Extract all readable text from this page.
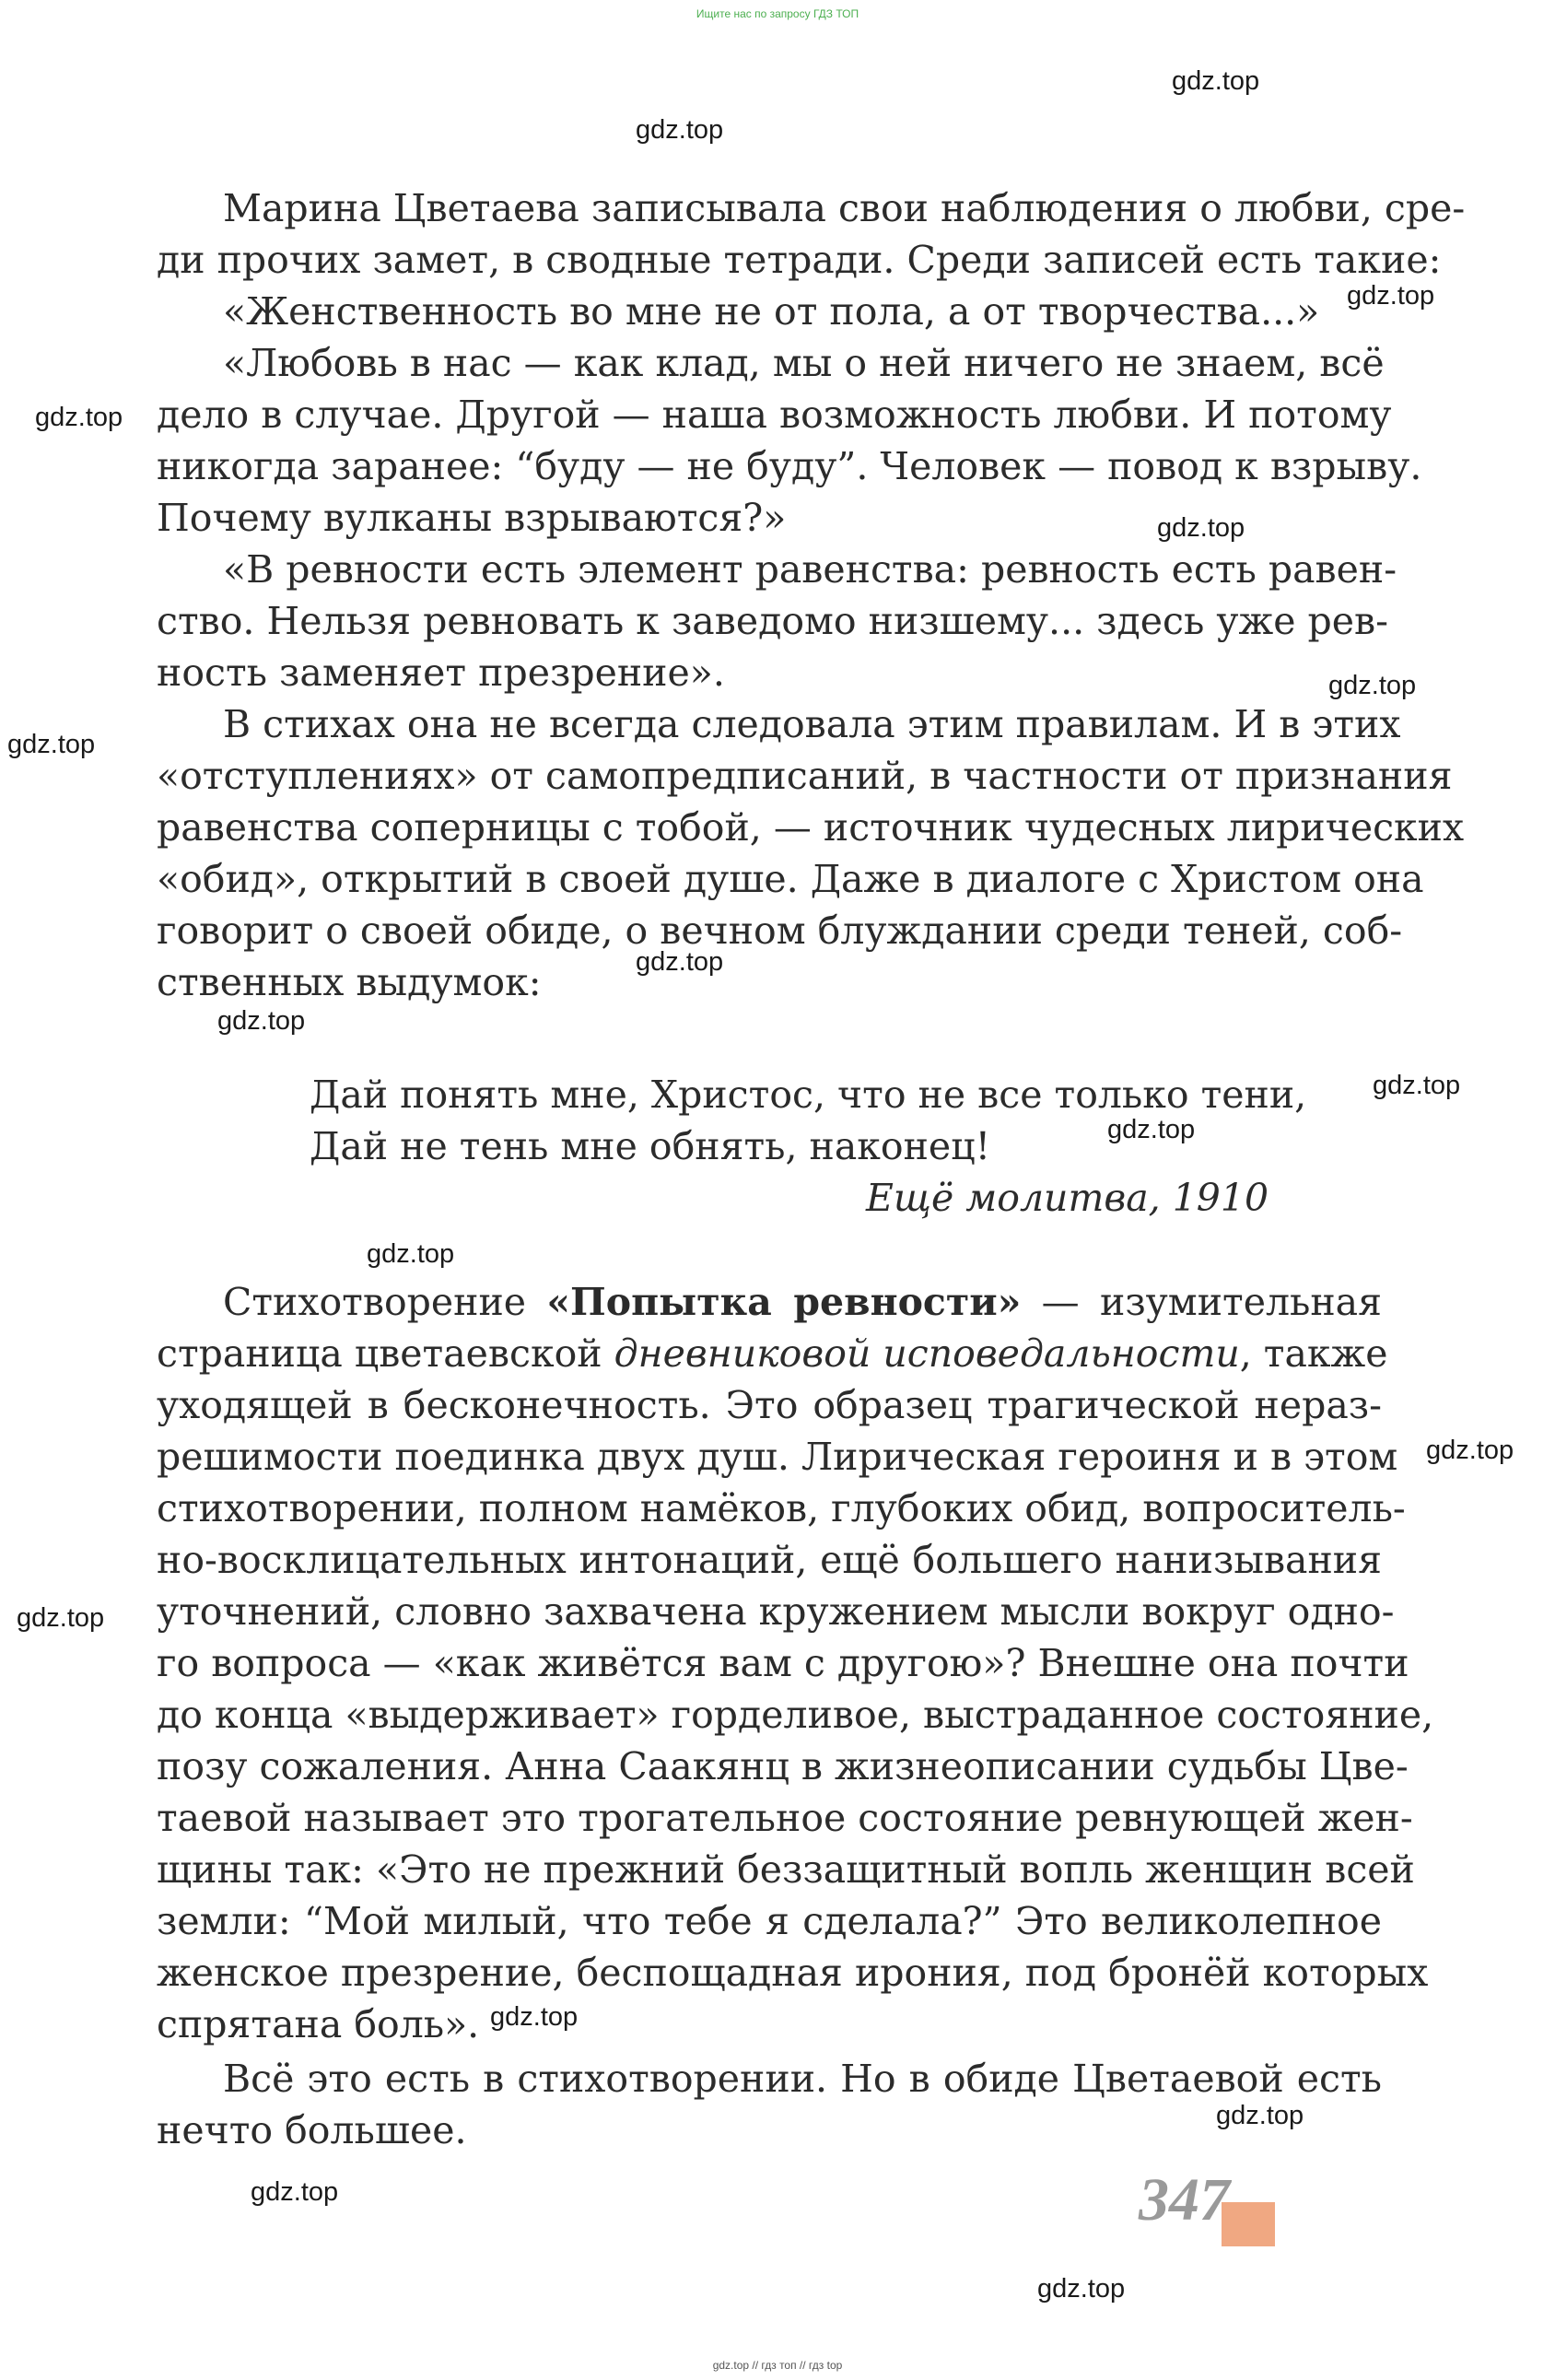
Ищите нас по запросу ГДЗ ТОП
gdz.top
gdz.top
gdz.top
gdz.top
gdz.top
gdz.top
gdz.top
gdz.top
gdz.top
gdz.top
gdz.top
gdz.top
gdz.top
gdz.top
gdz.top
gdz.top
gdz.top
gdz.top
Марина Цветаева записывала свои наблюдения о любви, сре-
ди прочих замет, в сводные тетради. Среди записей есть такие:
«Женственность во мне не от пола, а от творчества...»
«Любовь в нас — как клад, мы о ней ничего не знаем, всё
дело в случае. Другой — наша возможность любви. И потому
никогда заранее: “буду — не буду”. Человек — повод к взрыву.
Почему вулканы взрываются?»
«В ревности есть элемент равенства: ревность есть равен-
ство. Нельзя ревновать к заведомо низшему... здесь уже рев-
ность заменяет презрение».
В стихах она не всегда следовала этим правилам. И в этих
«отступлениях» от самопредписаний, в частности от признания
равенства соперницы с тобой, — источник чудесных лирических
«обид», открытий в своей душе. Даже в диалоге с Христом она
говорит о своей обиде, о вечном блуждании среди теней, соб-
ственных выдумок:
Дай понять мне, Христос, что не все только тени,
Дай не тень мне обнять, наконец!
Ещё молитва, 1910
Стихотворение «Попытка ревности» — изумительная
страница цветаевской дневниковой исповедальности, также
уходящей в бесконечность. Это образец трагической нераз-
решимости поединка двух душ. Лирическая героиня и в этом
стихотворении, полном намёков, глубоких обид, вопроситель-
но-восклицательных интонаций, ещё большего нанизывания
уточнений, словно захвачена кружением мысли вокруг одно-
го вопроса — «как живётся вам с другою»? Внешне она почти
до конца «выдерживает» горделивое, выстраданное состояние,
позу сожаления. Анна Саакянц в жизнеописании судьбы Цве-
таевой называет это трогательное состояние ревнующей жен-
щины так: «Это не прежний беззащитный вопль женщин всей
земли: “Мой милый, что тебе я сделала?” Это великолепное
женское презрение, беспощадная ирония, под бронёй которых
спрятана боль».
Всё это есть в стихотворении. Но в обиде Цветаевой есть
нечто большее.
347
gdz.top // гдз топ // гдз top
